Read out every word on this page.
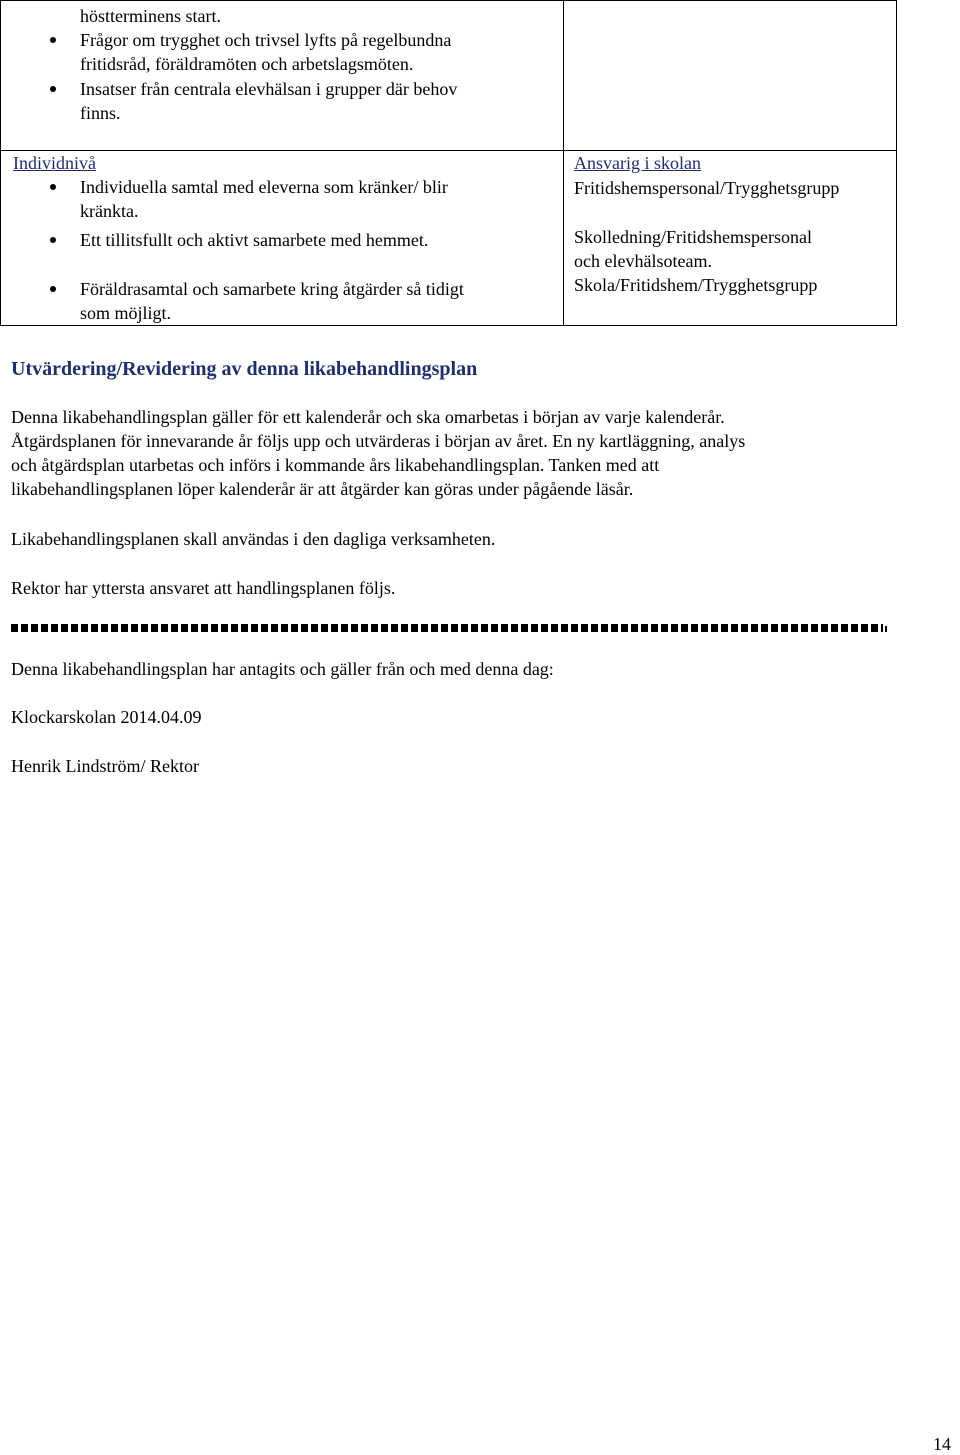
höstterminens start.
Frågor om trygghet och trivsel lyfts på regelbundna
fritidsråd, föräldramöten och arbetslagsmöten.
Insatser från centrala elevhälsan i grupper där behov
finns.
Individnivå
Individuella samtal med eleverna som kränker/ blir
kränkta.
Ett tillitsfullt och aktivt samarbete med hemmet.
Föräldrasamtal och samarbete kring åtgärder så tidigt
som möjligt.
Ansvarig i skolan
Fritidshemspersonal/Trygghetsgrupp
Skolledning/Fritidshemspersonal
och elevhälsoteam.
Skola/Fritidshem/Trygghetsgrupp
Utvärdering/Revidering av denna likabehandlingsplan
Denna likabehandlingsplan gäller för ett kalenderår och ska omarbetas i början av varje kalenderår.
Åtgärdsplanen för innevarande år följs upp och utvärderas i början av året. En ny kartläggning, analys
och åtgärdsplan utarbetas och införs i kommande års likabehandlingsplan. Tanken med att
likabehandlingsplanen löper kalenderår är att åtgärder kan göras under pågående läsår.
Likabehandlingsplanen skall användas i den dagliga verksamheten.
Rektor har yttersta ansvaret att handlingsplanen följs.
Denna likabehandlingsplan har antagits och gäller från och med denna dag:
Klockarskolan 2014.04.09
Henrik Lindström/ Rektor
14
